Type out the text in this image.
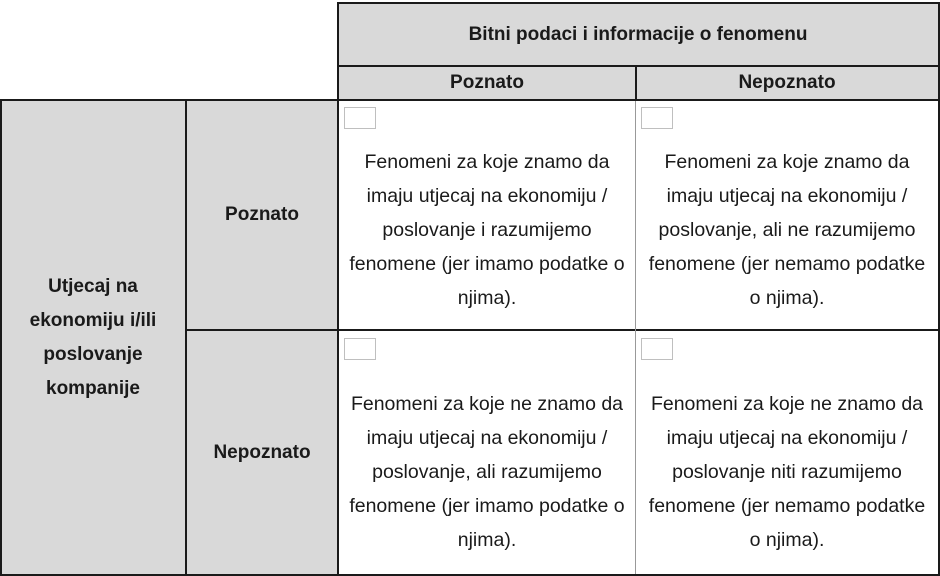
Bitni podaci i informacije o fenomenu
Poznato	Nepoznato
Utjecaj na ekonomiju i/ili poslovanje kompanije
Poznato
Nepoznato
Fenomeni za koje znamo da imaju utjecaj na ekonomiju / poslovanje i razumijemo fenomene (jer imamo podatke o njima).
Fenomeni za koje znamo da imaju utjecaj na ekonomiju / poslovanje, ali ne razumijemo fenomene (jer nemamo podatke o njima).
Fenomeni za koje ne znamo da imaju utjecaj na ekonomiju / poslovanje, ali razumijemo fenomene (jer imamo podatke o njima).
Fenomeni za koje ne znamo da imaju utjecaj na ekonomiju / poslovanje niti razumijemo fenomene (jer nemamo podatke o njima).
